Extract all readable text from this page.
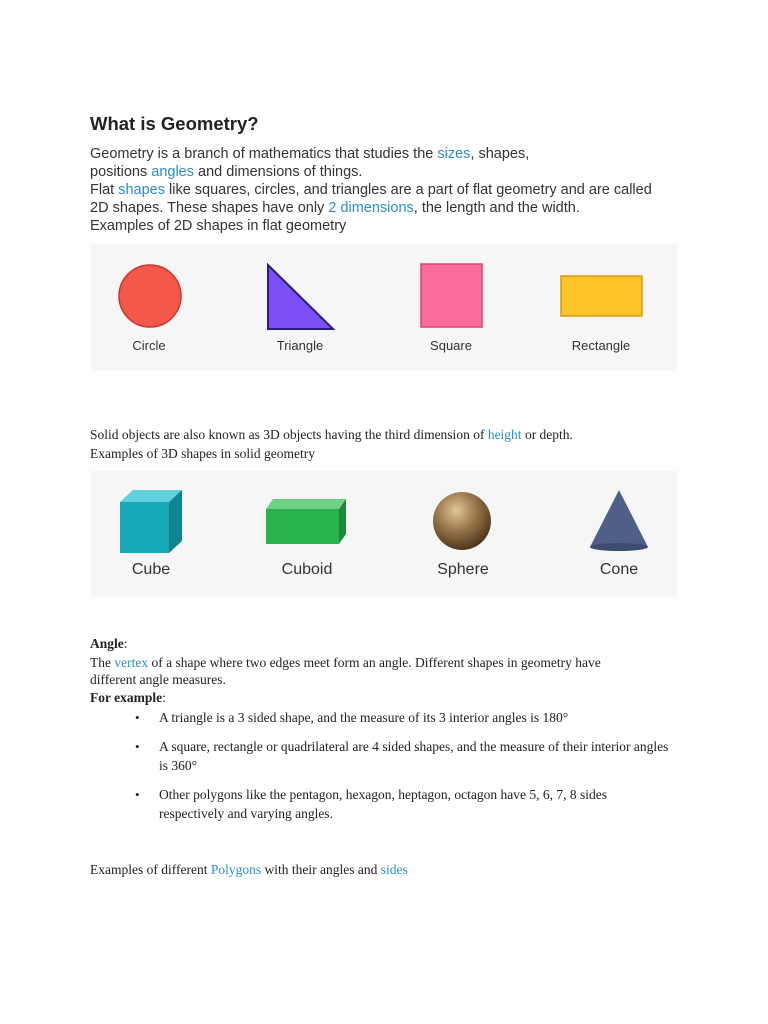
What is Geometry?
Geometry is a branch of mathematics that studies the sizes, shapes,
positions angles and dimensions of things.
Flat shapes like squares, circles, and triangles are a part of flat geometry and are called
2D shapes. These shapes have only 2 dimensions, the length and the width.
Examples of 2D shapes in flat geometry
Circle	Triangle	Square	Rectangle
Solid objects are also known as 3D objects having the third dimension of height or depth.
Examples of 3D shapes in solid geometry
Cube	Cuboid	Sphere	Cone
Angle:
The vertex of a shape where two edges meet form an angle. Different shapes in geometry have
different angle measures.
For example:
• A triangle is a 3 sided shape, and the measure of its 3 interior angles is 180°
• A square, rectangle or quadrilateral are 4 sided shapes, and the measure of their interior angles is 360°
• Other polygons like the pentagon, hexagon, heptagon, octagon have 5, 6, 7, 8 sides respectively and varying angles.
Examples of different Polygons with their angles and sides
